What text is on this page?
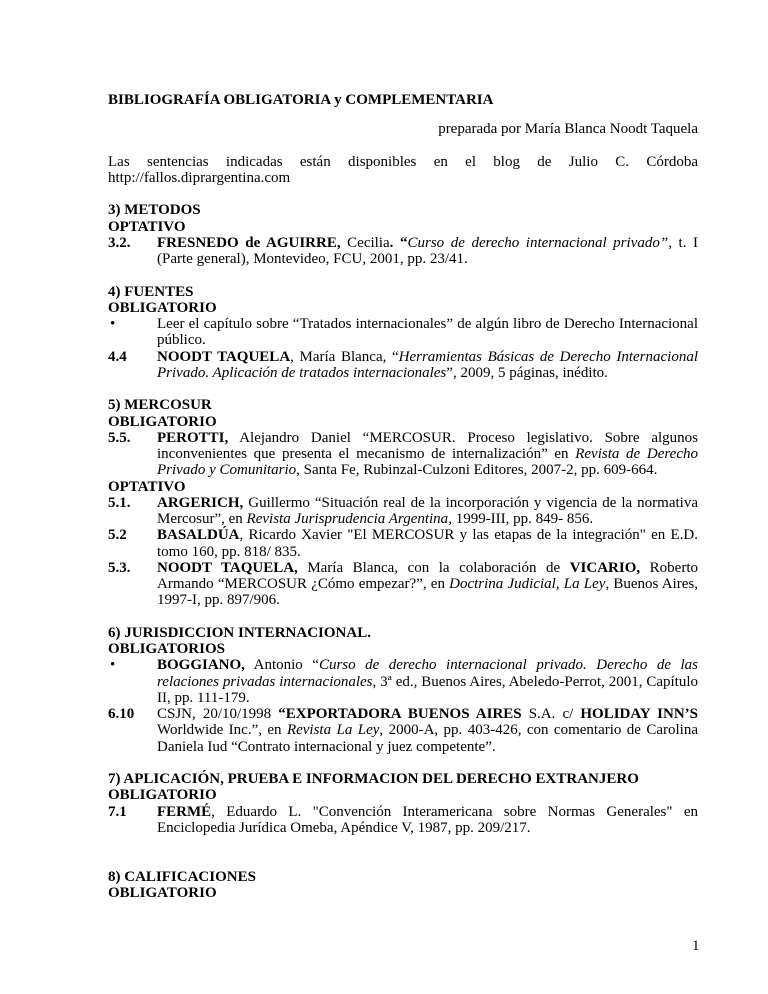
BIBLIOGRAFÍA OBLIGATORIA y COMPLEMENTARIA
preparada por María Blanca Noodt Taquela
Las sentencias indicadas están disponibles en el blog de Julio C. Córdoba
http://fallos.diprargentina.com
3) METODOS
OPTATIVO
3.2.	FRESNEDO de AGUIRRE, Cecilia. “Curso de derecho internacional privado”, t. I (Parte general), Montevideo, FCU, 2001, pp. 23/41.
4) FUENTES
OBLIGATORIO
•	Leer el capítulo sobre “Tratados internacionales” de algún libro de Derecho Internacional público.
4.4	NOODT TAQUELA, María Blanca, “Herramientas Básicas de Derecho Internacional Privado. Aplicación de tratados internacionales”, 2009, 5 páginas, inédito.
5) MERCOSUR
OBLIGATORIO
5.5.	PEROTTI, Alejandro Daniel “MERCOSUR. Proceso legislativo. Sobre algunos inconvenientes que presenta el mecanismo de internalización” en Revista de Derecho Privado y Comunitario, Santa Fe, Rubinzal-Culzoni Editores, 2007-2, pp. 609-664.
OPTATIVO
5.1.	ARGERICH, Guillermo “Situación real de la incorporación y vigencia de la normativa Mercosur”, en Revista Jurisprudencia Argentina, 1999-III, pp. 849- 856.
5.2	BASALDÚA, Ricardo Xavier "El MERCOSUR y las etapas de la integración" en E.D. tomo 160, pp. 818/ 835.
5.3.	NOODT TAQUELA, María Blanca, con la colaboración de VICARIO, Roberto Armando “MERCOSUR ¿Cómo empezar?”, en Doctrina Judicial, La Ley, Buenos Aires, 1997-I, pp. 897/906.
6) JURISDICCION INTERNACIONAL.
OBLIGATORIOS
•	BOGGIANO, Antonio “Curso de derecho internacional privado. Derecho de las relaciones privadas internacionales, 3ª ed., Buenos Aires, Abeledo-Perrot, 2001, Capítulo II, pp. 111-179.
6.10	CSJN, 20/10/1998 “EXPORTADORA BUENOS AIRES S.A. c/ HOLIDAY INN’S Worldwide Inc.”, en Revista La Ley, 2000-A, pp. 403-426, con comentario de Carolina Daniela Iud “Contrato internacional y juez competente”.
7) APLICACIÓN, PRUEBA E INFORMACION DEL DERECHO EXTRANJERO
OBLIGATORIO
7.1	FERMÉ, Eduardo L. "Convención Interamericana sobre Normas Generales" en Enciclopedia Jurídica Omeba, Apéndice V, 1987, pp. 209/217.
8) CALIFICACIONES
OBLIGATORIO
1
